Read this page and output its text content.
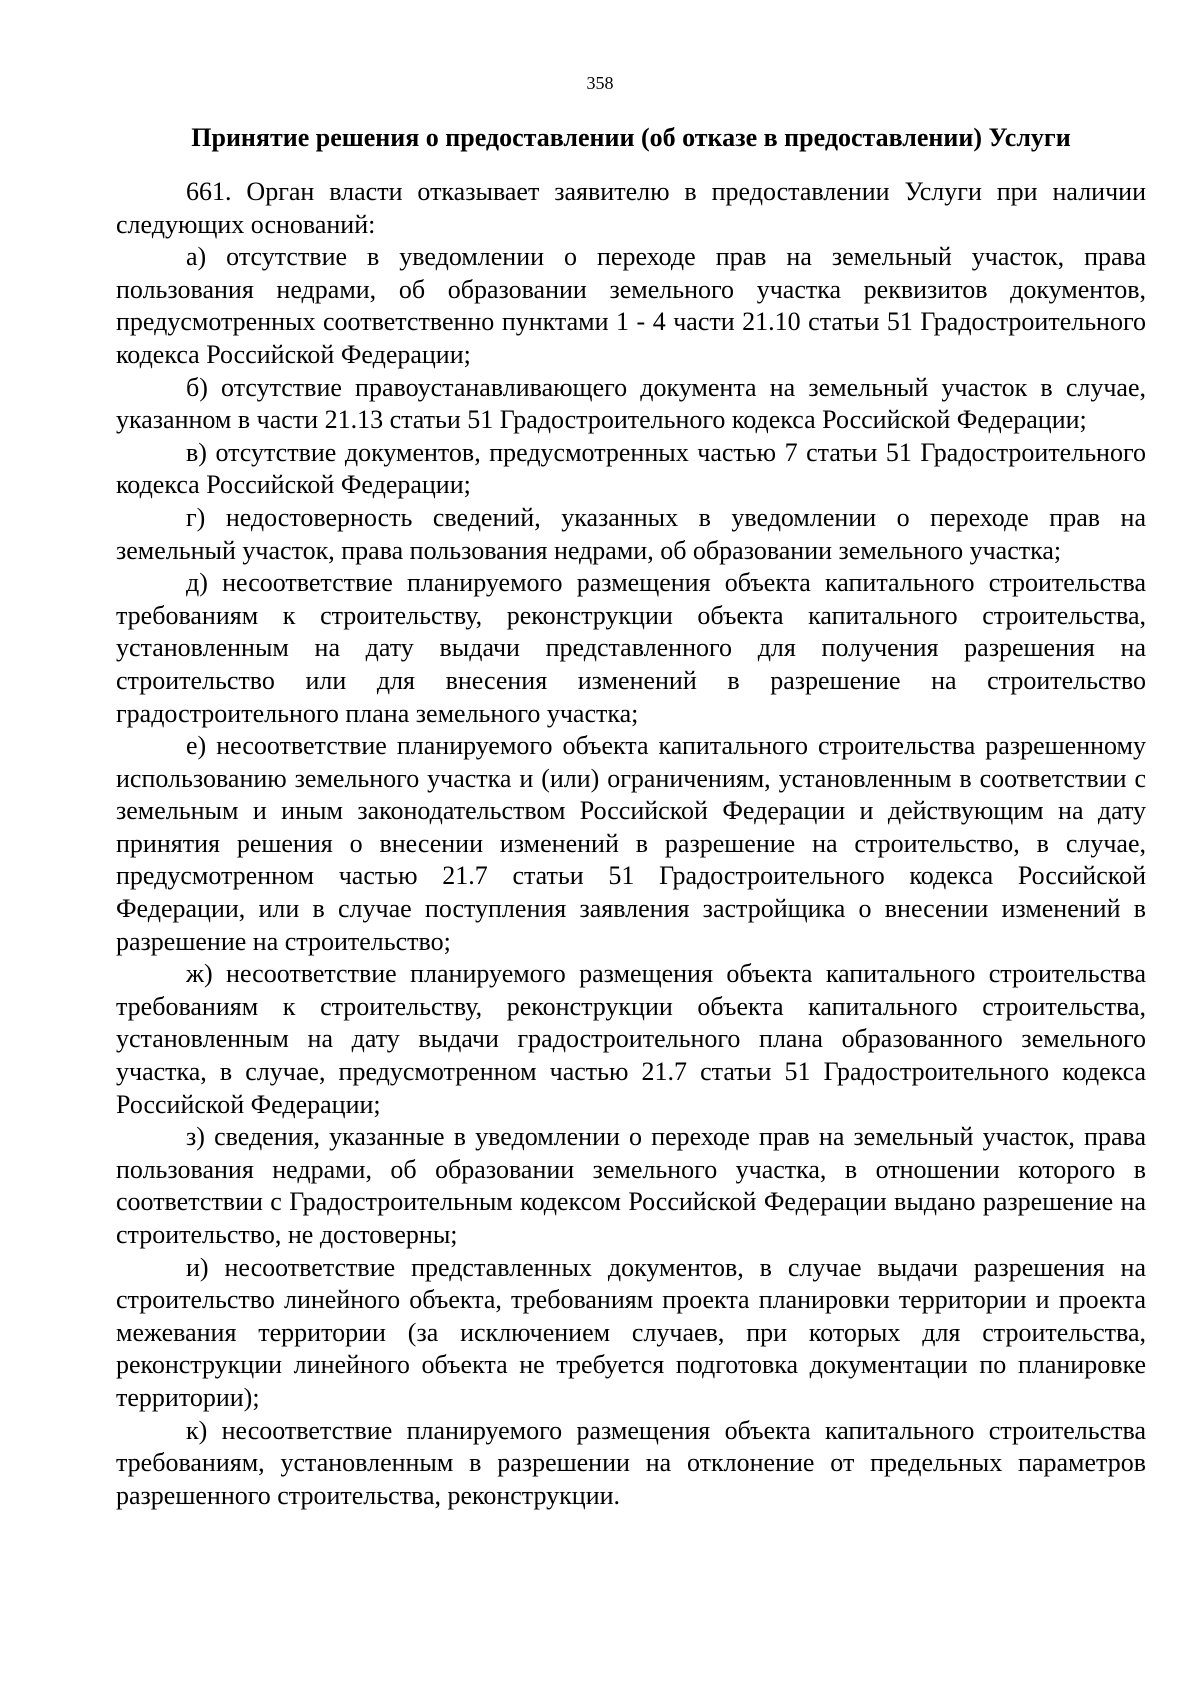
358
Принятие решения о предоставлении (об отказе в предоставлении) Услуги

661. Орган власти отказывает заявителю в предоставлении Услуги при наличии следующих оснований:

а) отсутствие в уведомлении о переходе прав на земельный участок, права пользования недрами, об образовании земельного участка реквизитов документов, предусмотренных соответственно пунктами 1 - 4 части 21.10 статьи 51 Градостроительного кодекса Российской Федерации;

б) отсутствие правоустанавливающего документа на земельный участок в случае, указанном в части 21.13 статьи 51 Градостроительного кодекса Российской Федерации;

в) отсутствие документов, предусмотренных частью 7 статьи 51 Градостроительного кодекса Российской Федерации;

г) недостоверность сведений, указанных в уведомлении о переходе прав на земельный участок, права пользования недрами, об образовании земельного участка;

д) несоответствие планируемого размещения объекта капитального строительства требованиям к строительству, реконструкции объекта капитального строительства, установленным на дату выдачи представленного для получения разрешения на строительство или для внесения изменений в разрешение на строительство градостроительного плана земельного участка;

е) несоответствие планируемого объекта капитального строительства разрешенному использованию земельного участка и (или) ограничениям, установленным в соответствии с земельным и иным законодательством Российской Федерации и действующим на дату принятия решения о внесении изменений в разрешение на строительство, в случае, предусмотренном частью 21.7 статьи 51 Градостроительного кодекса Российской Федерации, или в случае поступления заявления застройщика о внесении изменений в разрешение на строительство;

ж) несоответствие планируемого размещения объекта капитального строительства требованиям к строительству, реконструкции объекта капитального строительства, установленным на дату выдачи градостроительного плана образованного земельного участка, в случае, предусмотренном частью 21.7 статьи 51 Градостроительного кодекса Российской Федерации;

з) сведения, указанные в уведомлении о переходе прав на земельный участок, права пользования недрами, об образовании земельного участка, в отношении которого в соответствии с Градостроительным кодексом Российской Федерации выдано разрешение на строительство, не достоверны;

и) несоответствие представленных документов, в случае выдачи разрешения на строительство линейного объекта, требованиям проекта планировки территории и проекта межевания территории (за исключением случаев, при которых для строительства, реконструкции линейного объекта не требуется подготовка документации по планировке территории);

к) несоответствие планируемого размещения объекта капитального строительства требованиям, установленным в разрешении на отклонение от предельных параметров разрешенного строительства, реконструкции.
